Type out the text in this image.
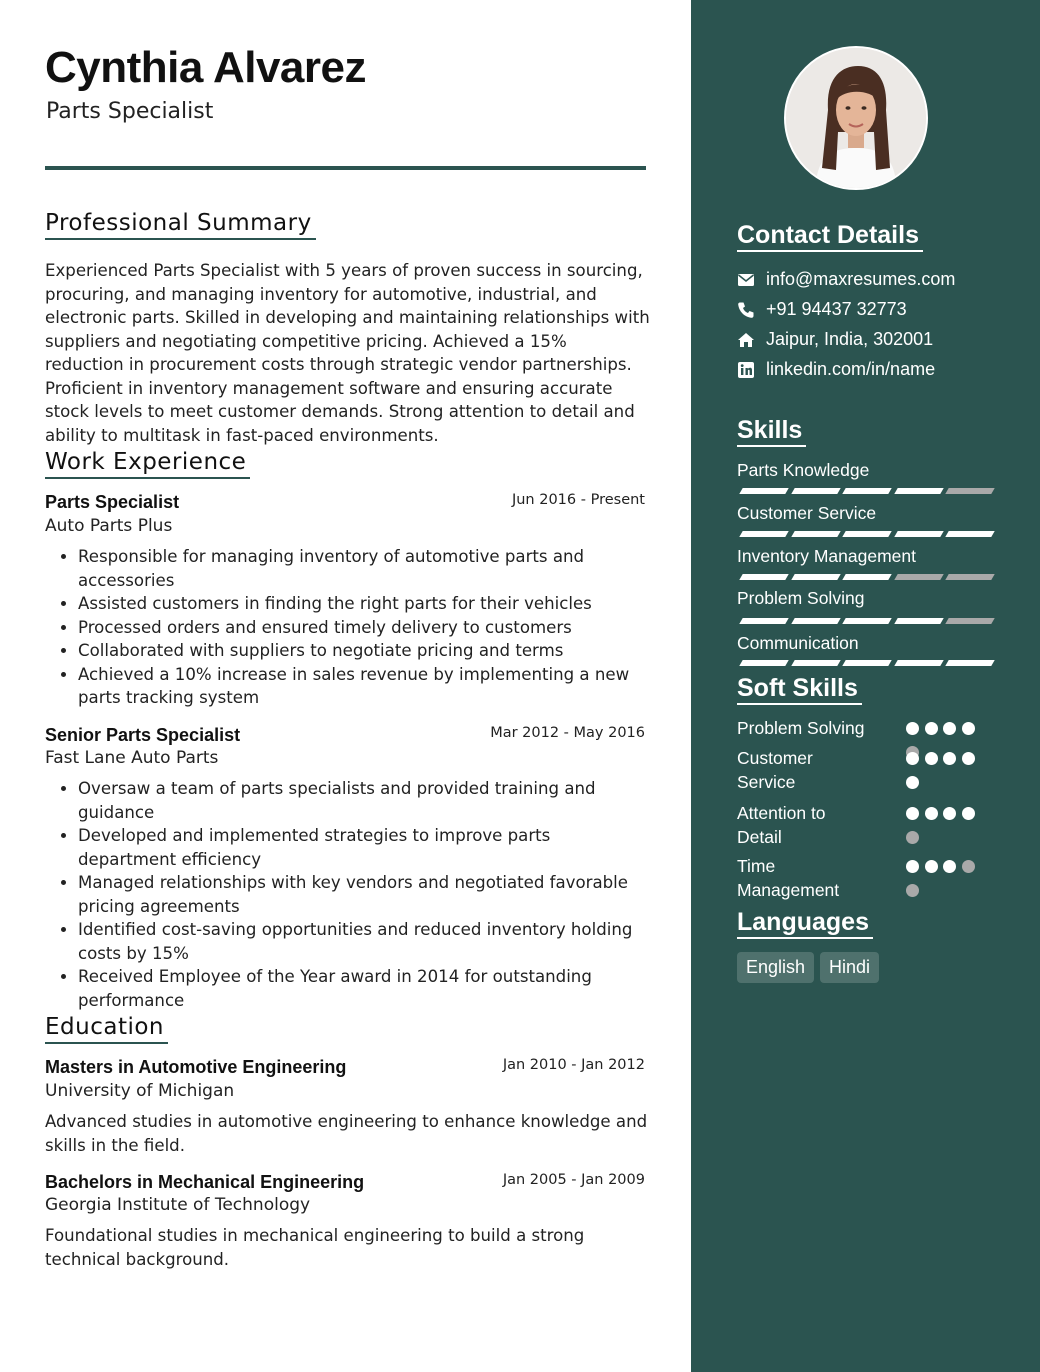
Cynthia Alvarez
Parts Specialist
Professional Summary

Experienced Parts Specialist with 5 years of proven success in sourcing, procuring, and managing inventory for automotive, industrial, and electronic parts. Skilled in developing and maintaining relationships with suppliers and negotiating competitive pricing. Achieved a 15% reduction in procurement costs through strategic vendor partnerships. Proficient in inventory management software and ensuring accurate stock levels to meet customer demands. Strong attention to detail and ability to multitask in fast-paced environments.

Work Experience
Parts Specialist	Jun 2016 - Present
Auto Parts Plus
• Responsible for managing inventory of automotive parts and accessories
• Assisted customers in finding the right parts for their vehicles
• Processed orders and ensured timely delivery to customers
• Collaborated with suppliers to negotiate pricing and terms
• Achieved a 10% increase in sales revenue by implementing a new parts tracking system
Senior Parts Specialist	Mar 2012 - May 2016
Fast Lane Auto Parts
• Oversaw a team of parts specialists and provided training and guidance
• Developed and implemented strategies to improve parts department efficiency
• Managed relationships with key vendors and negotiated favorable pricing agreements
• Identified cost-saving opportunities and reduced inventory holding costs by 15%
• Received Employee of the Year award in 2014 for outstanding performance
Education
Masters in Automotive Engineering	Jan 2010 - Jan 2012
University of Michigan

Advanced studies in automotive engineering to enhance knowledge and skills in the field.

Bachelors in Mechanical Engineering	Jan 2005 - Jan 2009
Georgia Institute of Technology

Foundational studies in mechanical engineering to build a strong technical background.

Contact Details
info@maxresumes.com
+91 94437 32773
Jaipur, India, 302001
linkedin.com/in/name
Skills
Parts Knowledge
Customer Service
Inventory Management
Problem Solving
Communication
Soft Skills
Problem Solving
Customer Service
Attention to Detail
Time Management
Languages
English	Hindi
